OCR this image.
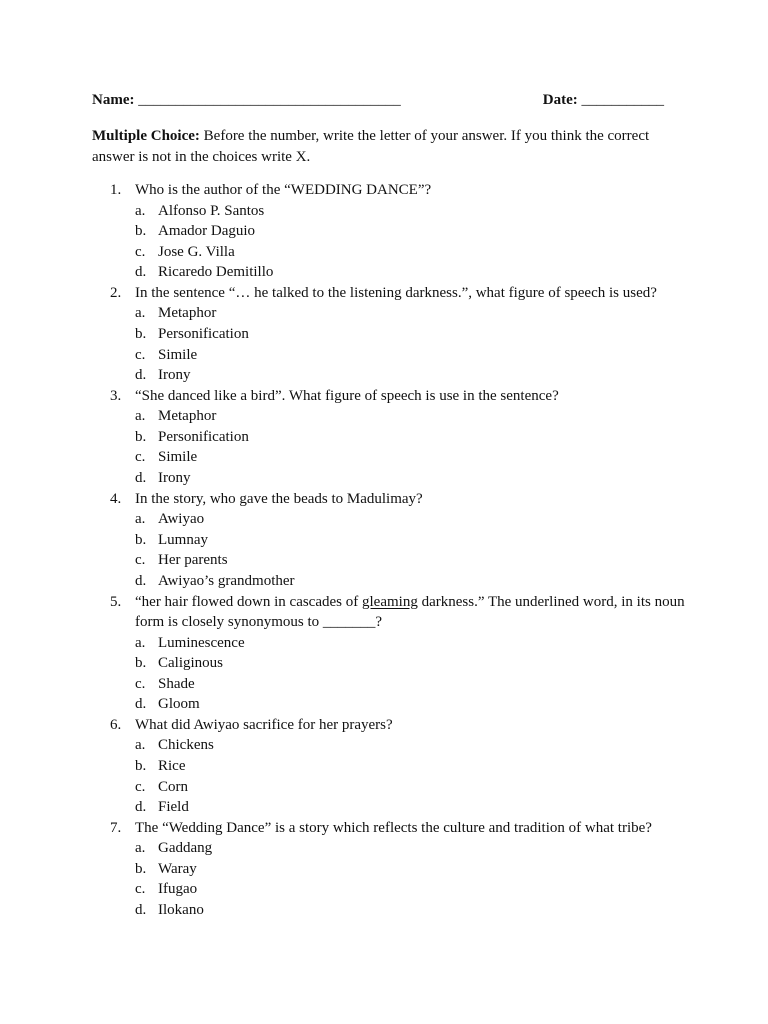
Name: ___________________________________	Date: ___________
Multiple Choice: Before the number, write the letter of your answer. If you think the correct answer is not in the choices write X.
1. Who is the author of the “WEDDING DANCE”?
a. Alfonso P. Santos
b. Amador Daguio
c. Jose G. Villa
d. Ricaredo Demitillo
2. In the sentence “… he talked to the listening darkness.”, what figure of speech is used?
a. Metaphor
b. Personification
c. Simile
d. Irony
3. “She danced like a bird”. What figure of speech is use in the sentence?
a. Metaphor
b. Personification
c. Simile
d. Irony
4. In the story, who gave the beads to Madulimay?
a. Awiyao
b. Lumnay
c. Her parents
d. Awiyao’s grandmother
5. “her hair flowed down in cascades of gleaming darkness.” The underlined word, in its noun form is closely synonymous to _______?
a. Luminescence
b. Caliginous
c. Shade
d. Gloom
6. What did Awiyao sacrifice for her prayers?
a. Chickens
b. Rice
c. Corn
d. Field
7. The “Wedding Dance” is a story which reflects the culture and tradition of what tribe?
a. Gaddang
b. Waray
c. Ifugao
d. Ilokano
